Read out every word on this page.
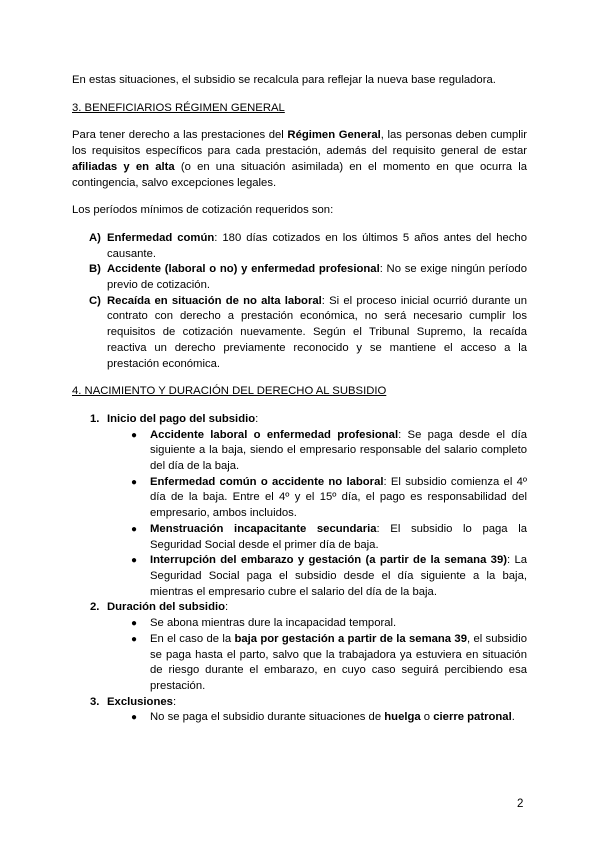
En estas situaciones, el subsidio se recalcula para reflejar la nueva base reguladora.

3. BENEFICIARIOS RÉGIMEN GENERAL

Para tener derecho a las prestaciones del Régimen General, las personas deben cumplir los requisitos específicos para cada prestación, además del requisito general de estar afiliadas y en alta (o en una situación asimilada) en el momento en que ocurra la contingencia, salvo excepciones legales.

Los períodos mínimos de cotización requeridos son:

A) Enfermedad común: 180 días cotizados en los últimos 5 años antes del hecho causante.
B) Accidente (laboral o no) y enfermedad profesional: No se exige ningún período previo de cotización.
C) Recaída en situación de no alta laboral: Si el proceso inicial ocurrió durante un contrato con derecho a prestación económica, no será necesario cumplir los requisitos de cotización nuevamente. Según el Tribunal Supremo, la recaída reactiva un derecho previamente reconocido y se mantiene el acceso a la prestación económica.

4. NACIMIENTO Y DURACIÓN DEL DERECHO AL SUBSIDIO

1. Inicio del pago del subsidio:
● Accidente laboral o enfermedad profesional: Se paga desde el día siguiente a la baja, siendo el empresario responsable del salario completo del día de la baja.
● Enfermedad común o accidente no laboral: El subsidio comienza el 4º día de la baja. Entre el 4º y el 15º día, el pago es responsabilidad del empresario, ambos incluidos.
● Menstruación incapacitante secundaria: El subsidio lo paga la Seguridad Social desde el primer día de baja.
● Interrupción del embarazo y gestación (a partir de la semana 39): La Seguridad Social paga el subsidio desde el día siguiente a la baja, mientras el empresario cubre el salario del día de la baja.
2. Duración del subsidio:
● Se abona mientras dure la incapacidad temporal.
● En el caso de la baja por gestación a partir de la semana 39, el subsidio se paga hasta el parto, salvo que la trabajadora ya estuviera en situación de riesgo durante el embarazo, en cuyo caso seguirá percibiendo esa prestación.
3. Exclusiones:
● No se paga el subsidio durante situaciones de huelga o cierre patronal.
2
